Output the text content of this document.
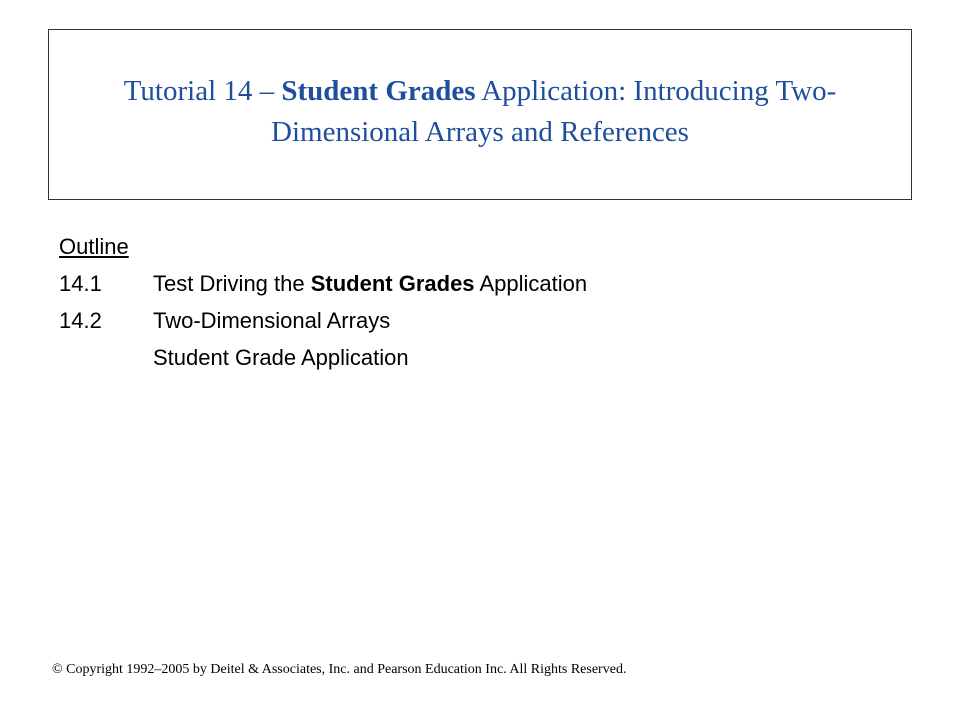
Tutorial 14 – Student Grades Application: Introducing Two-Dimensional Arrays and References
Outline
14.1	Test Driving the Student Grades Application
14.2	Two-Dimensional Arrays
Student Grade Application
© Copyright 1992–2005 by Deitel & Associates, Inc. and Pearson Education Inc. All Rights Reserved.
